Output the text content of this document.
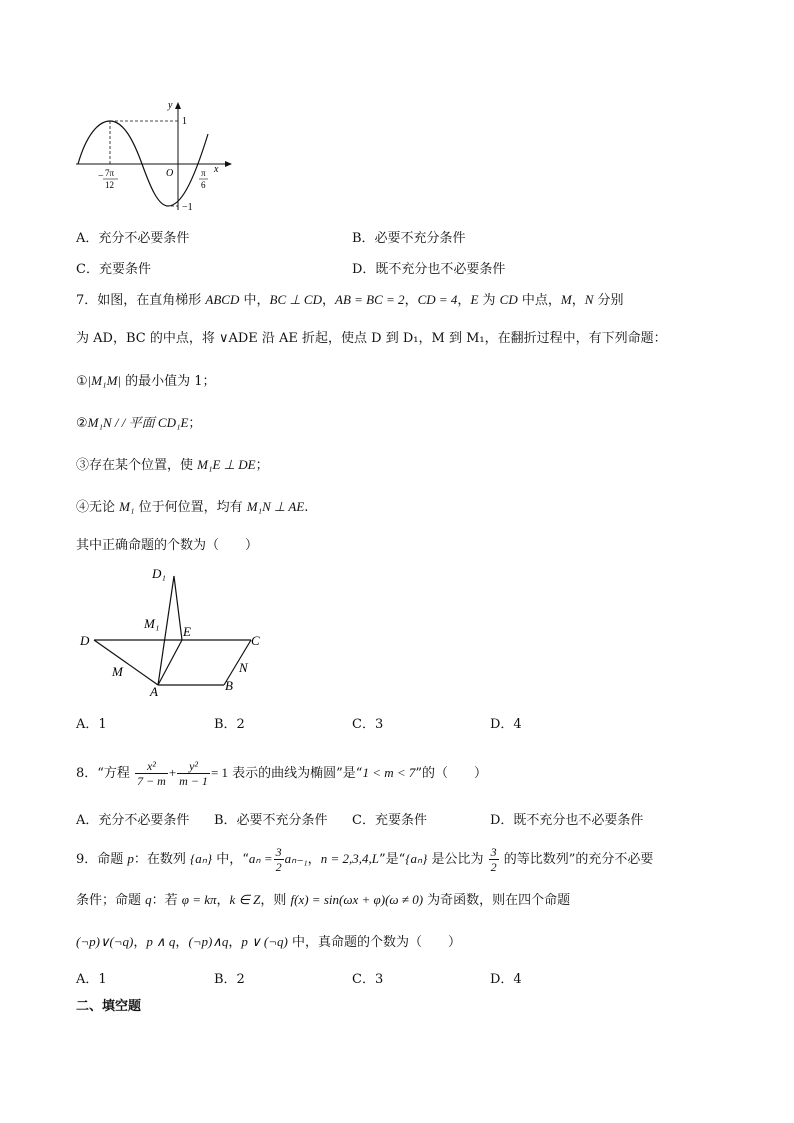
y
x
O
1
−1
− 7π
12
π
6
A．充分不必要条件	B．必要不充分条件
C．充要条件	D．既不充分也不必要条件
7．如图，在直角梯形 ABCD 中，BC ⊥ CD，AB = BC = 2，CD = 4，E 为 CD 中点，M，N 分别
为 AD，BC 的中点，将 ∨ADE 沿 AE 折起，使点 D 到 D₁，M 到 M₁，在翻折过程中，有下列命题：
①|M₁M| 的最小值为 1；
②M₁N / / 平面 CD₁E；
③存在某个位置，使 M₁E ⊥ DE；
④无论 M₁ 位于何位置，均有 M₁N ⊥ AE.
其中正确命题的个数为（　　）
D₁
M₁
E
D	C
M	N
A	B
A．1	B．2	C．3	D．4
8．“方程 $\frac{\text{x²}}{7 - m} + \frac{\text{y²}}{m - 1} = 1$ 表示的曲线为椭圆”是“1 < m < 7”的（　　）
A．充分不必要条件 B．必要不充分条件 C．充要条件	D．既不充分也不必要条件
9．命题 p：在数列 {aₙ} 中，“$a_n = \frac{3}{2} a_{n-1}$，n = 2,3,4,L”是“{aₙ} 是公比为 $\frac{3}{2}$ 的等比数列”的充分不必要
条件；命题 q：若 φ = kπ，k ∈ Z，则 f(x) = sin(ωx + φ)(ω ≠ 0) 为奇函数，则在四个命题
(¬p)∨(¬q)，p ∧ q，(¬p)∧q，p ∨ (¬q) 中，真命题的个数为（　　）
A．1	B．2	C．3	D．4
二、填空题
